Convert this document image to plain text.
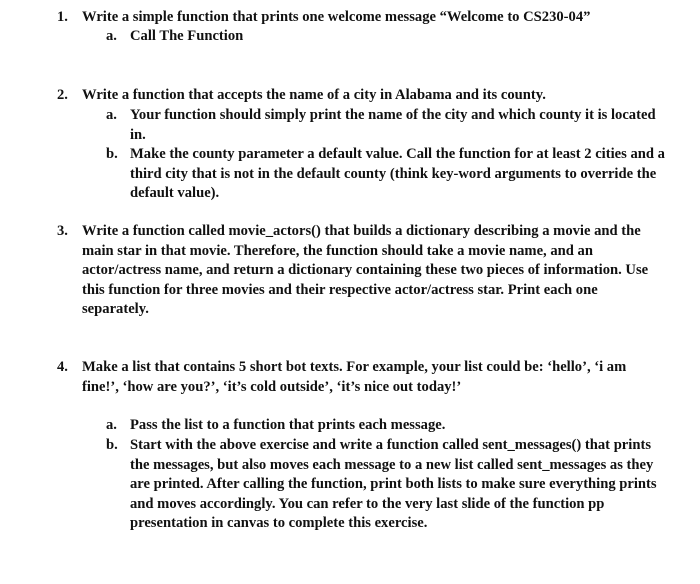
1. Write a simple function that prints one welcome message “Welcome to CS230-04”
a. Call The Function
2. Write a function that accepts the name of a city in Alabama and its county.
a. Your function should simply print the name of the city and which county it is located in.
b. Make the county parameter a default value. Call the function for at least 2 cities and a third city that is not in the default county (think key-word arguments to override the default value).
3. Write a function called movie_actors() that builds a dictionary describing a movie and the main star in that movie. Therefore, the function should take a movie name, and an actor/actress name, and return a dictionary containing these two pieces of information. Use this function for three movies and their respective actor/actress star. Print each one separately.
4. Make a list that contains 5 short bot texts. For example, your list could be: ‘hello’, ‘i am fine!’, ‘how are you?’, ‘it’s cold outside’, ‘it’s nice out today!’
a. Pass the list to a function that prints each message.
b. Start with the above exercise and write a function called sent_messages() that prints the messages, but also moves each message to a new list called sent_messages as they are printed. After calling the function, print both lists to make sure everything prints and moves accordingly. You can refer to the very last slide of the function pp presentation in canvas to complete this exercise.
